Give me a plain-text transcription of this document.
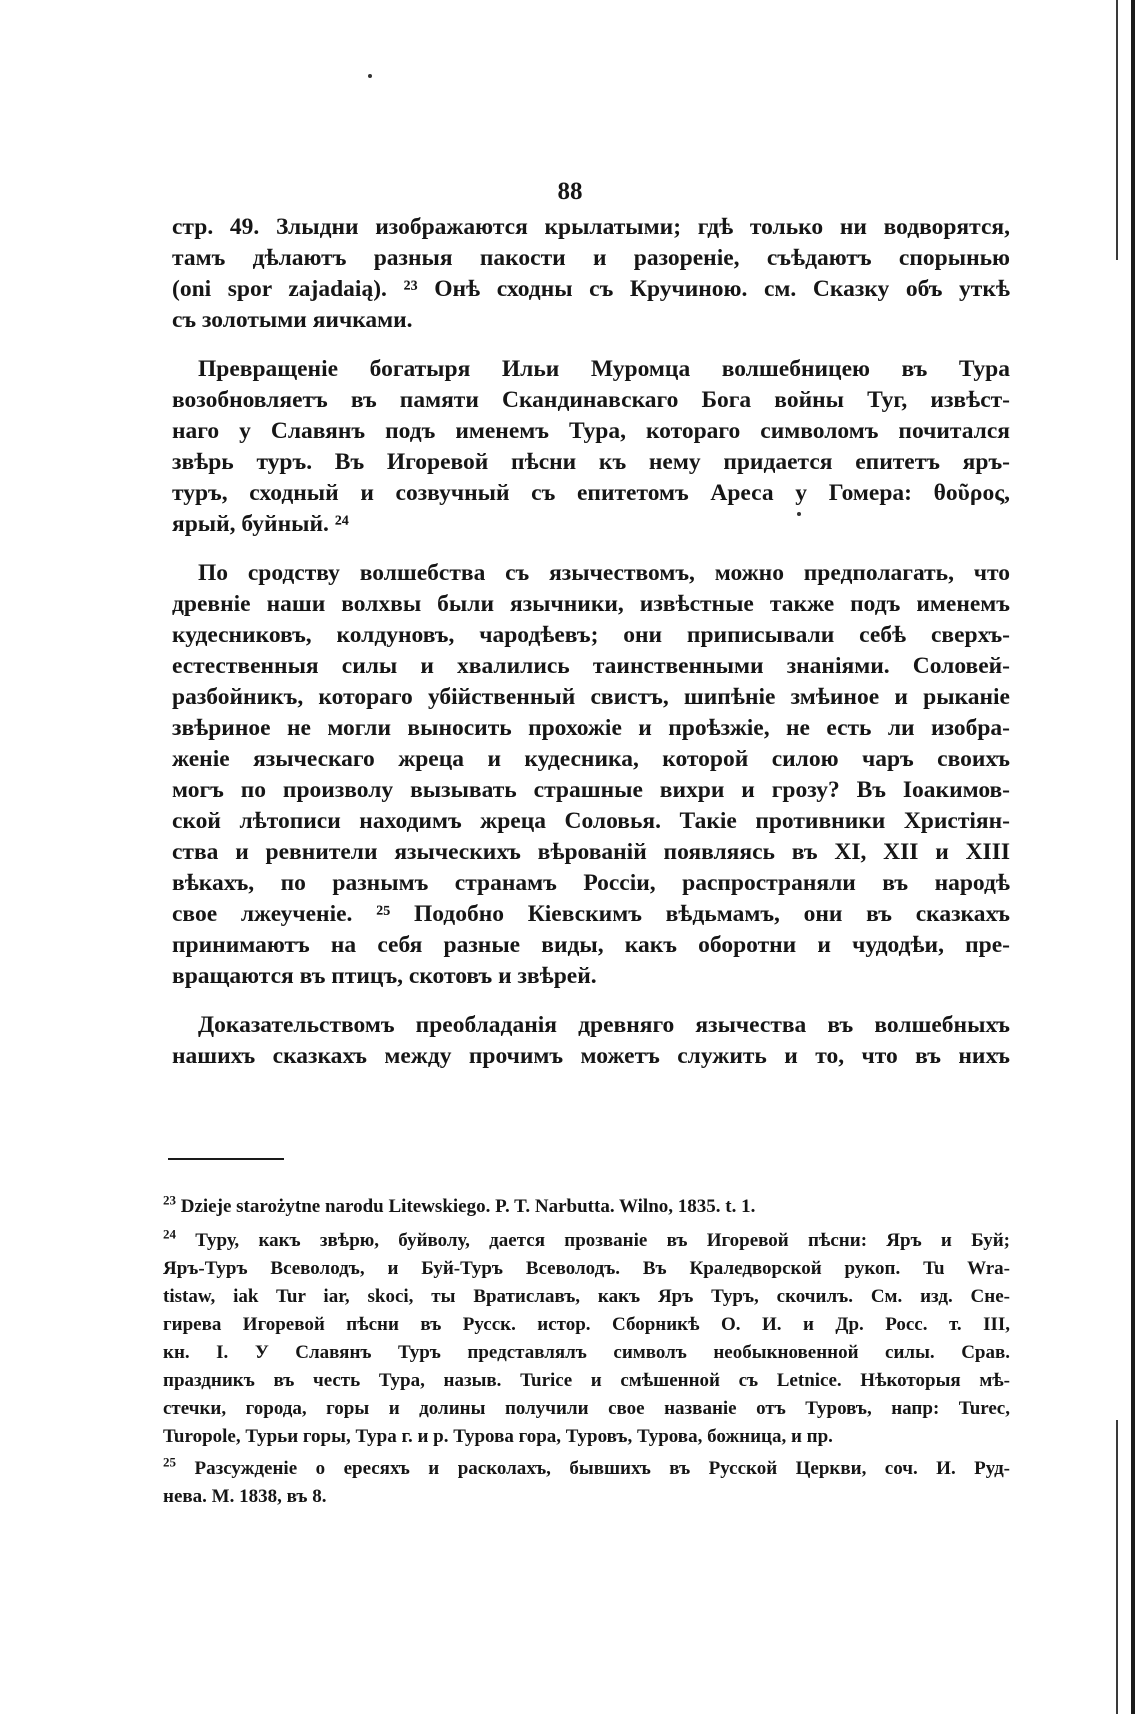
88
стр. 49. Злыдни изображаются крылатыми; гдѣ только ни водворятся,
тамъ дѣлаютъ разныя пакости и разореніе, съѣдаютъ спорынью
(oni spor zajadaią). ²³ Онѣ сходны съ Кручиною. см. Сказку объ уткѣ
съ золотыми яичками.
Превращеніе богатыря Ильи Муромца волшебницею въ Тура
возобновляетъ въ памяти Скандинавскаго Бога войны Туг, извѣст-
наго у Славянъ подъ именемъ Тура, котораго символомъ почитался
звѣрь туръ. Въ Игоревой пѣсни къ нему придается епитетъ яръ-
туръ, сходный и созвучный съ епитетомъ Ареса у Гомера: θοῦρος,
ярый, буйный. ²⁴
По сродству волшебства съ язычествомъ, можно предполагать, что
древніе наши волхвы были язычники, извѣстные также подъ именемъ
кудесниковъ, колдуновъ, чародѣевъ; они приписывали себѣ сверхъ-
естественныя силы и хвалились таинственными знаніями. Соловей-
разбойникъ, котораго убійственный свистъ, шипѣніе змѣиное и рыканіе
звѣриное не могли выносить прохожіе и проѣзжіе, не есть ли изобра-
женіе языческаго жреца и кудесника, которой силою чаръ своихъ
могъ по произволу вызывать страшные вихри и грозу? Въ Іоакимов-
ской лѣтописи находимъ жреца Соловья. Такіе противники Христіян-
ства и ревнители языческихъ вѣрованій появляясь въ XI, XII и XIII
вѣкахъ, по разнымъ странамъ Россіи, распространяли въ народѣ
свое лжеученіе. ²⁵ Подобно Кіевскимъ вѣдьмамъ, они въ сказкахъ
принимаютъ на себя разные виды, какъ оборотни и чудодѣи, пре-
вращаются въ птицъ, скотовъ и звѣрей.
Доказательствомъ преобладанія древняго язычества въ волшебныхъ
нашихъ сказкахъ между прочимъ можетъ служить и то, что въ нихъ
$^{23}$ Dzieje starożytne narodu Litewskiego. P. T. Narbutta. Wilno, 1835. t. 1.
$^{24}$ Туру, какъ звѣрю, буйволу, дается прозваніе въ Игоревой пѣсни: Яръ и Буй;
Яръ-Туръ Всеволодъ, и Буй-Туръ Всеволодъ. Въ Краледворской рукоп. Tu Wra-
tistaw, iak Tur iar, skoci, ты Вратиславъ, какъ Яръ Туръ, скочилъ. См. изд. Сне-
гирева Игоревой пѣсни въ Русск. истор. Сборникѣ О. И. и Др. Росс. т. III,
кн. I. У Славянъ Туръ представлялъ символъ необыкновенной силы. Срав.
праздникъ въ честь Тура, назыв. Turice и смѣшенной съ Letnice. Нѣкоторыя мѣ-
стечки, города, горы и долины получили свое названіе отъ Туровъ, напр: Turec,
Turopole, Турьи горы, Тура г. и р. Турова гора, Туровъ, Турова, божница, и пр.
$^{25}$ Разсужденіе о ересяхъ и расколахъ, бывшихъ въ Русской Церкви, соч. И. Руд-
нева. М. 1838, въ 8.
